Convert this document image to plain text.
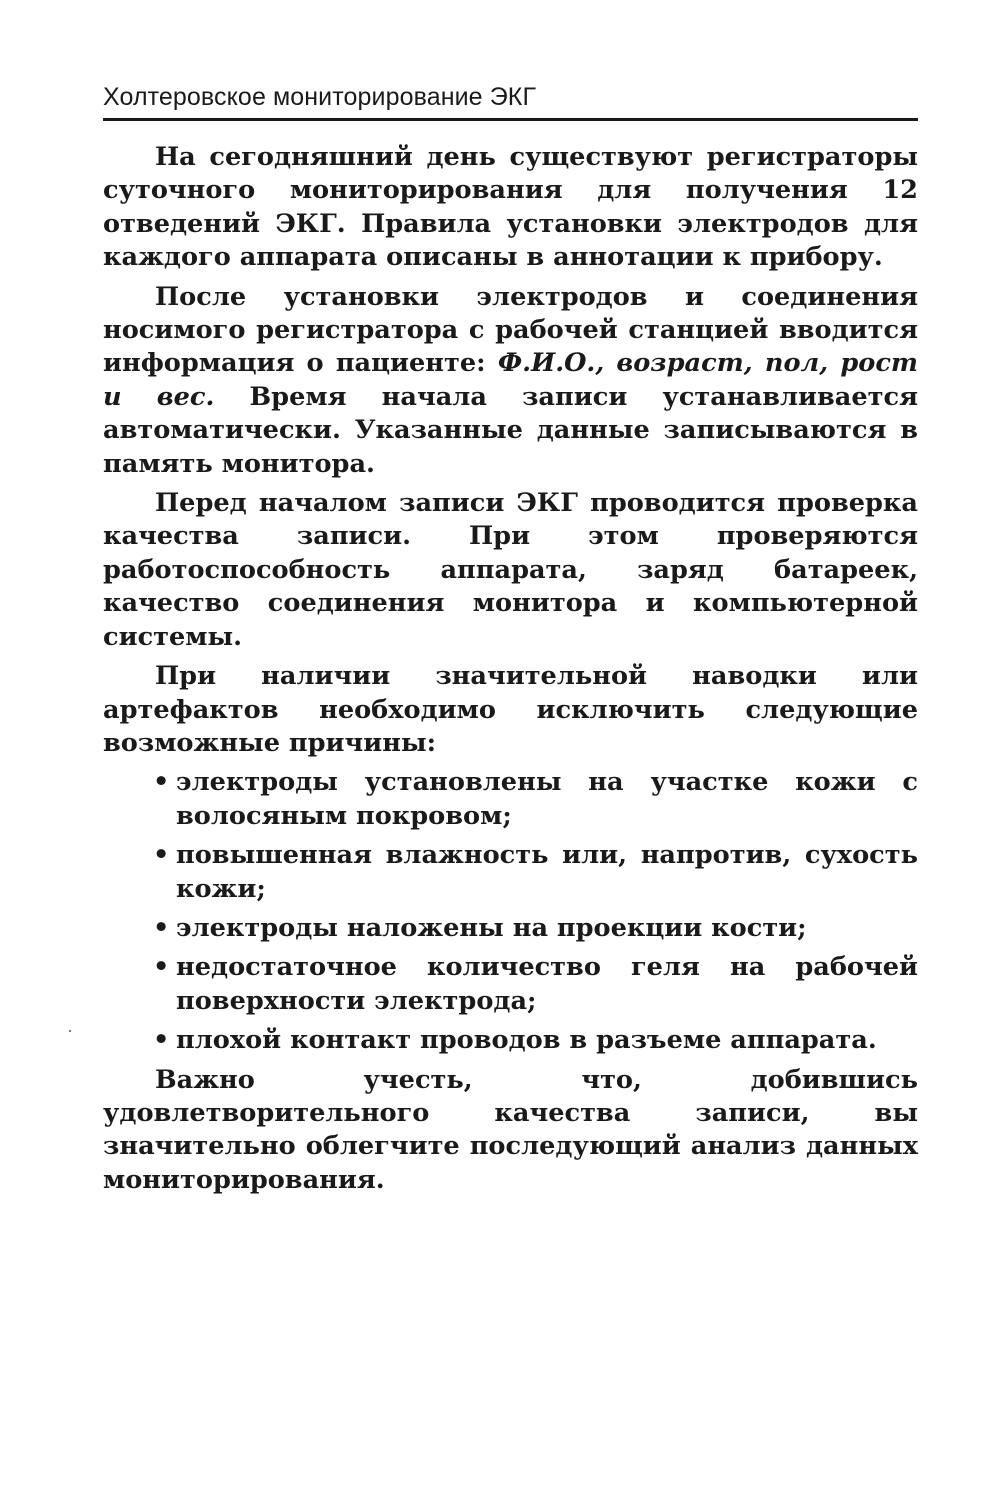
Холтеровское мониторирование ЭКГ

На сегодняшний день существуют регистраторы суточного мониторирования для получения 12 отведений ЭКГ. Правила установки электродов для каждого аппарата описаны в аннотации к прибору.

После установки электродов и соединения носимого регистратора с рабочей станцией вводится информация о пациенте: Ф.И.О., возраст, пол, рост и вес. Время начала записи устанавливается автоматически. Указанные данные записываются в память монитора.

Перед началом записи ЭКГ проводится проверка качества записи. При этом проверяются работоспособность аппарата, заряд батареек, качество соединения монитора и компьютерной системы.

При наличии значительной наводки или артефактов необходимо исключить следующие возможные причины:

• электроды установлены на участке кожи с волосяным покровом;
• повышенная влажность или, напротив, сухость кожи;
• электроды наложены на проекции кости;
• недостаточное количество геля на рабочей поверхности электрода;
• плохой контакт проводов в разъеме аппарата.

Важно учесть, что, добившись удовлетворительного качества записи, вы значительно облегчите последующий анализ данных мониторирования.
